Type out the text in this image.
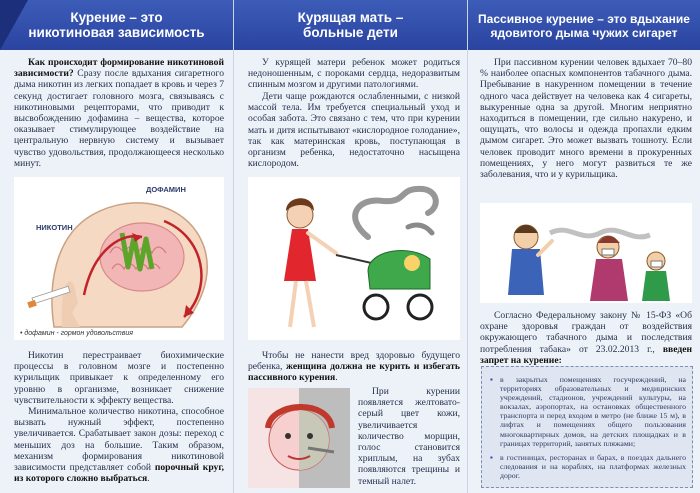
Курение – это
никотиновая зависимость
Как происходит формирование никотиновой зависимости? Сразу после вдыхания сигаретного дыма никотин из легких попадает в кровь и через 7 секунд достигает головного мозга, связываясь с никотиновыми рецепторами, что приводит к высвобождению дофамина – вещества, которое оказывает стимулирующее воздействие на центральную нервную систему и вызывает чувство удовольствия, продолжающееся несколько минут.
ДОФАМИН
НИКОТИН
• дофамин - гормон удовольствия
Никотин перестраивает биохимические процессы в головном мозге и постепенно курильщик привыкает к определенному его уровню в организме, возникает снижение чувствительности к эффекту вещества.
Минимальное количество никотина, способное вызвать нужный эффект, постепенно увеличивается. Срабатывает закон дозы: переход с меньших доз на большие. Таким образом, механизм формирования никотиновой зависимости представляет собой порочный круг, из которого сложно выбраться.
Курящая мать –
больные дети
У курящей матери ребенок может родиться недоношенным, с пороками сердца, недоразвитым спинным мозгом и другими патологиями.
Дети чаще рождаются ослабленными, с низкой массой тела. Им требуется специальный уход и особая забота. Это связано с тем, что при курении мать и дитя испытывают «кислородное голодание», так как материнская кровь, поступающая в организм ребенка, недостаточно насыщена кислородом.
Чтобы не нанести вред здоровью будущего ребенка, женщина должна не курить и избегать пассивного курения.
При курении появляется желтовато-серый цвет кожи, увеличивается количество морщин, голос становится хриплым, на зубах появляются трещины и темный налет.
Пассивное курение – это вдыхание
ядовитого дыма чужих сигарет
При пассивном курении человек вдыхает 70–80 % наиболее опасных компонентов табачного дыма. Пребывание в накуренном помещении в течение одного часа действует на человека как 4 сигареты, выкуренные одна за другой. Многим неприятно находиться в помещении, где сильно накурено, и ощущать, что волосы и одежда пропахли едким дымом сигарет. Это может вызвать тошноту. Если человек проводит много времени в прокуренных помещениях, у него могут развиться те же заболевания, что и у курильщика.
Согласно Федеральному закону № 15-ФЗ «Об охране здоровья граждан от воздействия окружающего табачного дыма и последствия потребления табака» от 23.02.2013 г., введен запрет на курение:
▪ в закрытых помещениях госучреждений, на территориях образовательных и медицинских учреждений, стадионов, учреждений культуры, на вокзалах, аэропортах, на остановках общественного транспорта и перед входом в метро (не ближе 15 м), в лифтах и помещениях общего пользования многоквартирных домов, на детских площадках и в границах территорий, занятых пляжами;
▪ в гостиницах, ресторанах и барах, в поездах дальнего следования и на кораблях, на платформах железных дорог.
